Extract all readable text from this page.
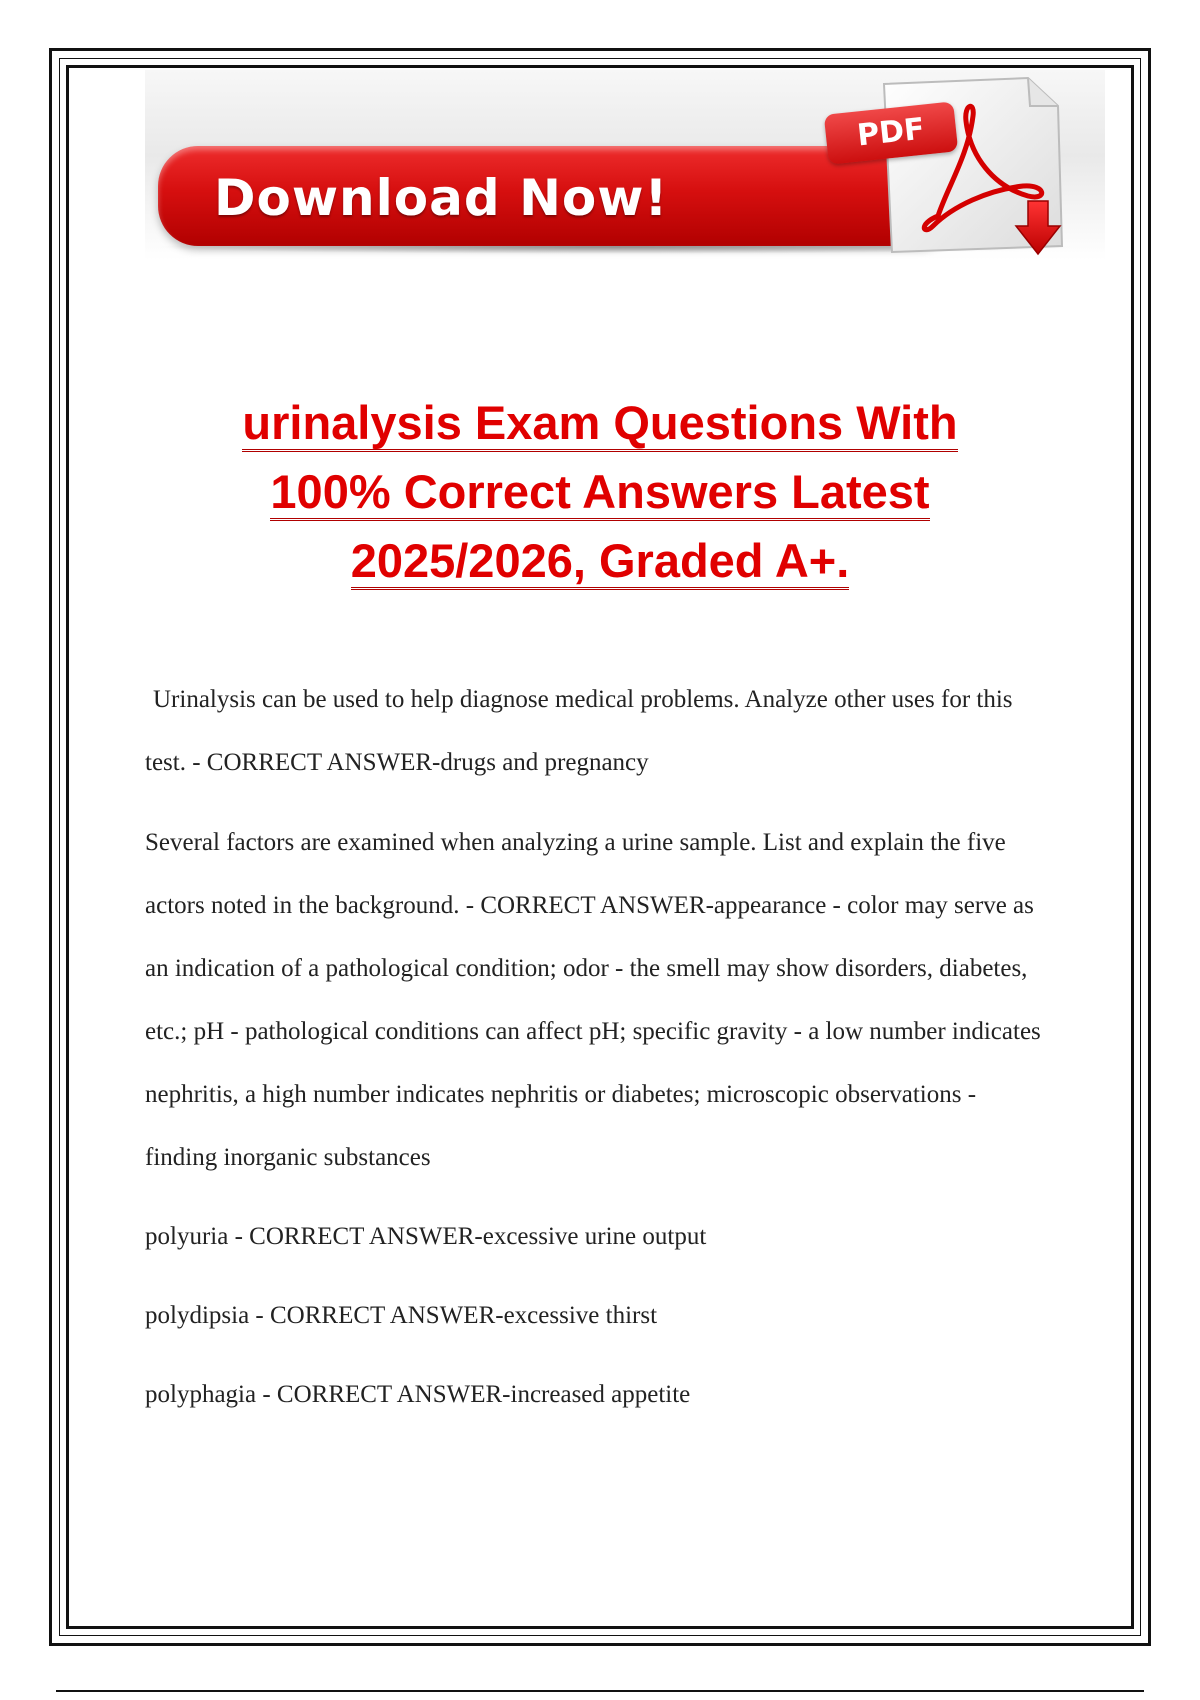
Download Now!
PDF
urinalysis Exam Questions With
100% Correct Answers Latest
2025/2026, Graded A+.

Urinalysis can be used to help diagnose medical problems. Analyze other uses for this test. - CORRECT ANSWER-drugs and pregnancy

Several factors are examined when analyzing a urine sample. List and explain the five actors noted in the background. - CORRECT ANSWER-appearance - color may serve as an indication of a pathological condition; odor - the smell may show disorders, diabetes, etc.; pH - pathological conditions can affect pH; specific gravity - a low number indicates nephritis, a high number indicates nephritis or diabetes; microscopic observations - finding inorganic substances

polyuria - CORRECT ANSWER-excessive urine output

polydipsia - CORRECT ANSWER-excessive thirst

polyphagia - CORRECT ANSWER-increased appetite
